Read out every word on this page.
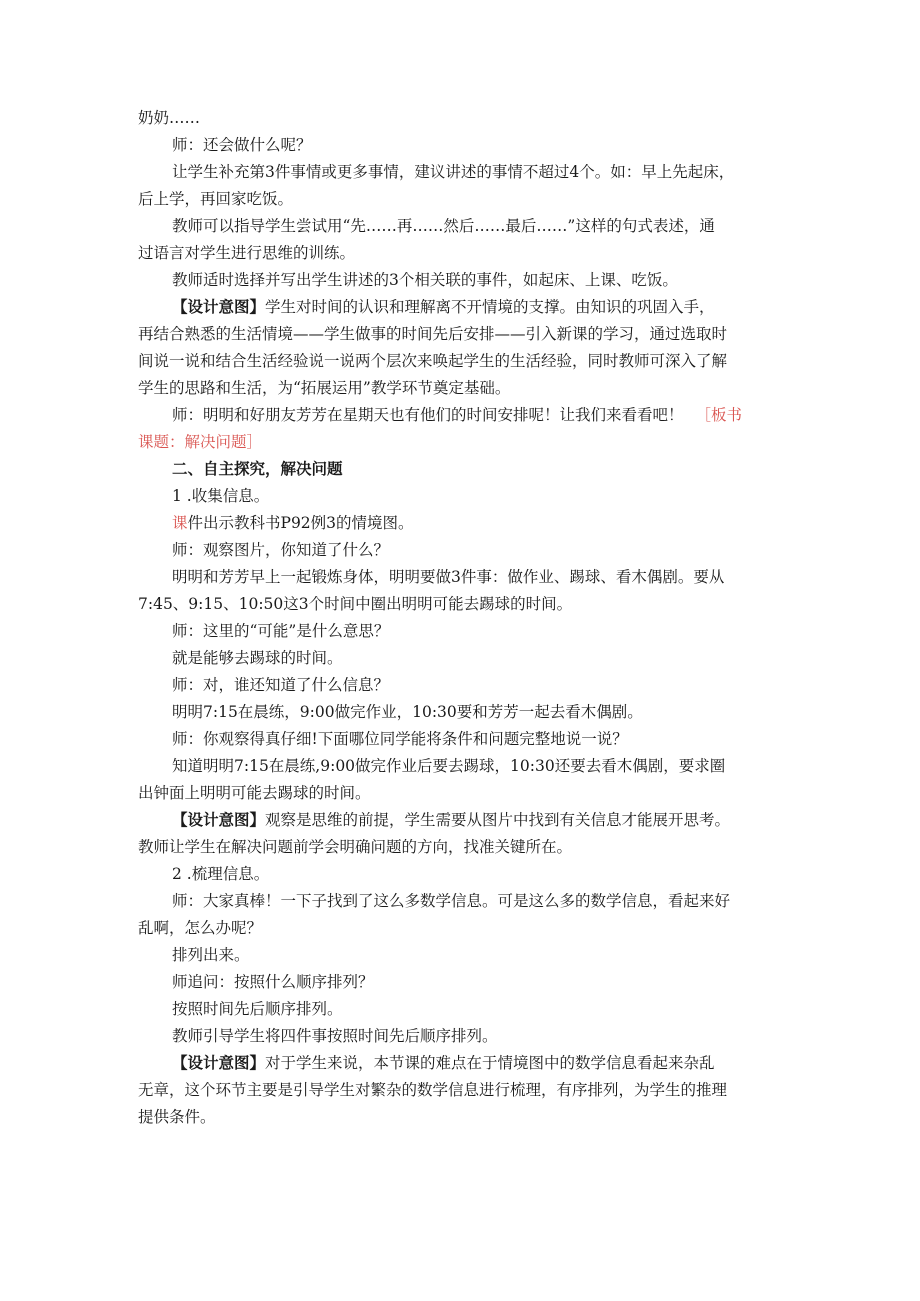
奶奶……

师：还会做什么呢？

让学生补充第3件事情或更多事情，建议讲述的事情不超过4个。如：早上先起床，

后上学，再回家吃饭。

教师可以指导学生尝试用“先……再……然后……最后……”这样的句式表述，通

过语言对学生进行思维的训练。

教师适时选择并写出学生讲述的3个相关联的事件，如起床、上课、吃饭。

【设计意图】学生对时间的认识和理解离不开情境的支撑。由知识的巩固入手，

再结合熟悉的生活情境——学生做事的时间先后安排——引入新课的学习，通过选取时

间说一说和结合生活经验说一说两个层次来唤起学生的生活经验，同时教师可深入了解

学生的思路和生活，为“拓展运用”教学环节奠定基础。

师：明明和好朋友芳芳在星期天也有他们的时间安排呢！让我们来看看吧！ ［板书

课题：解决问题］

二、自主探究，解决问题

1 .收集信息。

课件出示教科书P92例3的情境图。

师：观察图片，你知道了什么？

明明和芳芳早上一起锻炼身体，明明要做3件事：做作业、踢球、看木偶剧。要从

7:45、9:15、10:50这3个时间中圈出明明可能去踢球的时间。

师：这里的“可能”是什么意思？

就是能够去踢球的时间。

师：对，谁还知道了什么信息？

明明7:15在晨练，9:00做完作业，10:30要和芳芳一起去看木偶剧。

师：你观察得真仔细!下面哪位同学能将条件和问题完整地说一说？

知道明明7:15在晨练,9:00做完作业后要去踢球，10:30还要去看木偶剧，要求圈

出钟面上明明可能去踢球的时间。

【设计意图】观察是思维的前提，学生需要从图片中找到有关信息才能展开思考。

教师让学生在解决问题前学会明确问题的方向，找准关键所在。

2 .梳理信息。

师：大家真棒！一下子找到了这么多数学信息。可是这么多的数学信息，看起来好

乱啊，怎么办呢？

排列出来。

师追问：按照什么顺序排列？

按照时间先后顺序排列。

教师引导学生将四件事按照时间先后顺序排列。

【设计意图】对于学生来说，本节课的难点在于情境图中的数学信息看起来杂乱

无章，这个环节主要是引导学生对繁杂的数学信息进行梳理，有序排列，为学生的推理

提供条件。
